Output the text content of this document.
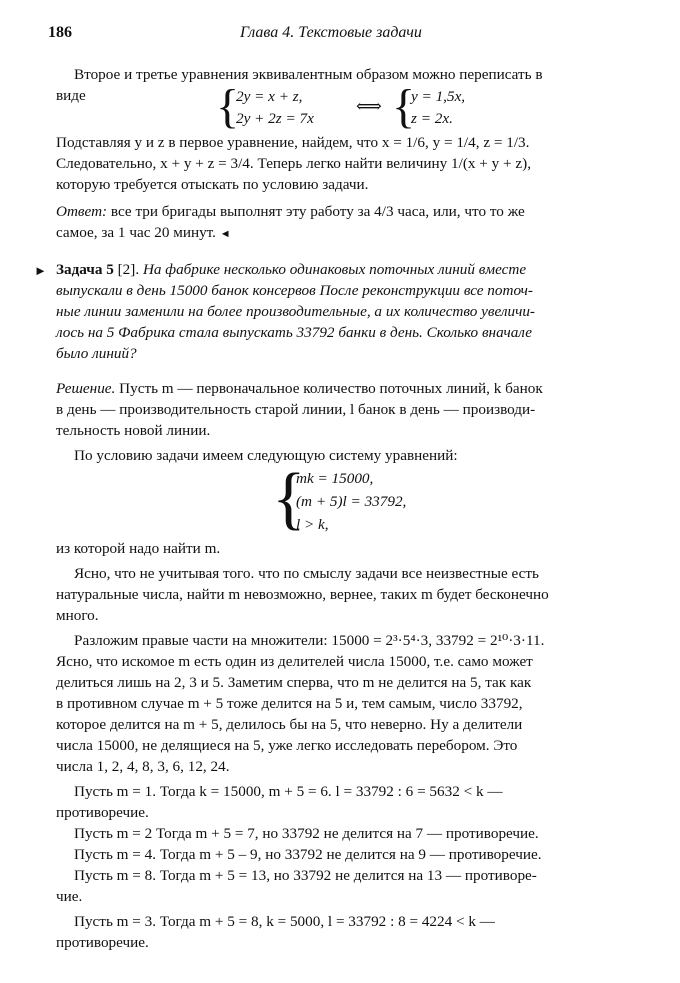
186	Глава 4. Текстовые задачи

Второе и третье уравнения эквивалентным образом можно переписать в

виде	{
2y = x + z,	y = 1,5x,
2y + 2z = 7x	z = 2x.
⟺ {

Подставляя y и z в первое уравнение, найдем, что x = 1/6, y = 1/4, z = 1/3.

Следовательно, x + y + z = 3/4. Теперь легко найти величину 1/(x + y + z),

которую требуется отыскать по условию задачи.

Ответ: все три бригады выполнят эту работу за 4/3 часа, или, что то же

самое, за 1 час 20 минут. ◄

► Задача 5 [2]. На фабрике несколько одинаковых поточных линий вместе

выпускали в день 15000 банок консервов После реконструкции все поточ-

ные линии заменили на более производительные, а их количество увеличи-

лось на 5 Фабрика стала выпускать 33792 банки в день. Сколько вначале

было линий?

Решение. Пусть m — первоначальное количество поточных линий, k банок

в день — производительность старой линии, l банок в день — производи-

тельность новой линии.

По условию задачи имеем следующую систему уравнений:

{
mk = 15000,
(m + 5)l = 33792,
l > k,

из которой надо найти m.

Ясно, что не учитывая того. что по смыслу задачи все неизвестные есть

натуральные числа, найти m невозможно, вернее, таких m будет бесконечно

много.

Разложим правые части на множители: 15000 = 2³·5⁴·3, 33792 = 2¹⁰·3·11.

Ясно, что искомое m есть один из делителей числа 15000, т.е. само может

делиться лишь на 2, 3 и 5. Заметим сперва, что m не делится на 5, так как

в противном случае m + 5 тоже делится на 5 и, тем самым, число 33792,

которое делится на m + 5, делилось бы на 5, что неверно. Ну а делители

числа 15000, не делящиеся на 5, уже легко исследовать перебором. Это

числа 1, 2, 4, 8, 3, 6, 12, 24.

Пусть m = 1. Тогда k = 15000, m + 5 = 6. l = 33792 : 6 = 5632 < k —

противоречие.

Пусть m = 2 Тогда m + 5 = 7, но 33792 не делится на 7 — противоречие.

Пусть m = 4. Тогда m + 5 – 9, но 33792 не делится на 9 — противоречие.

Пусть m = 8. Тогда m + 5 = 13, но 33792 не делится на 13 — противоре-

чие.

Пусть m = 3. Тогда m + 5 = 8, k = 5000, l = 33792 : 8 = 4224 < k —

противоречие.
